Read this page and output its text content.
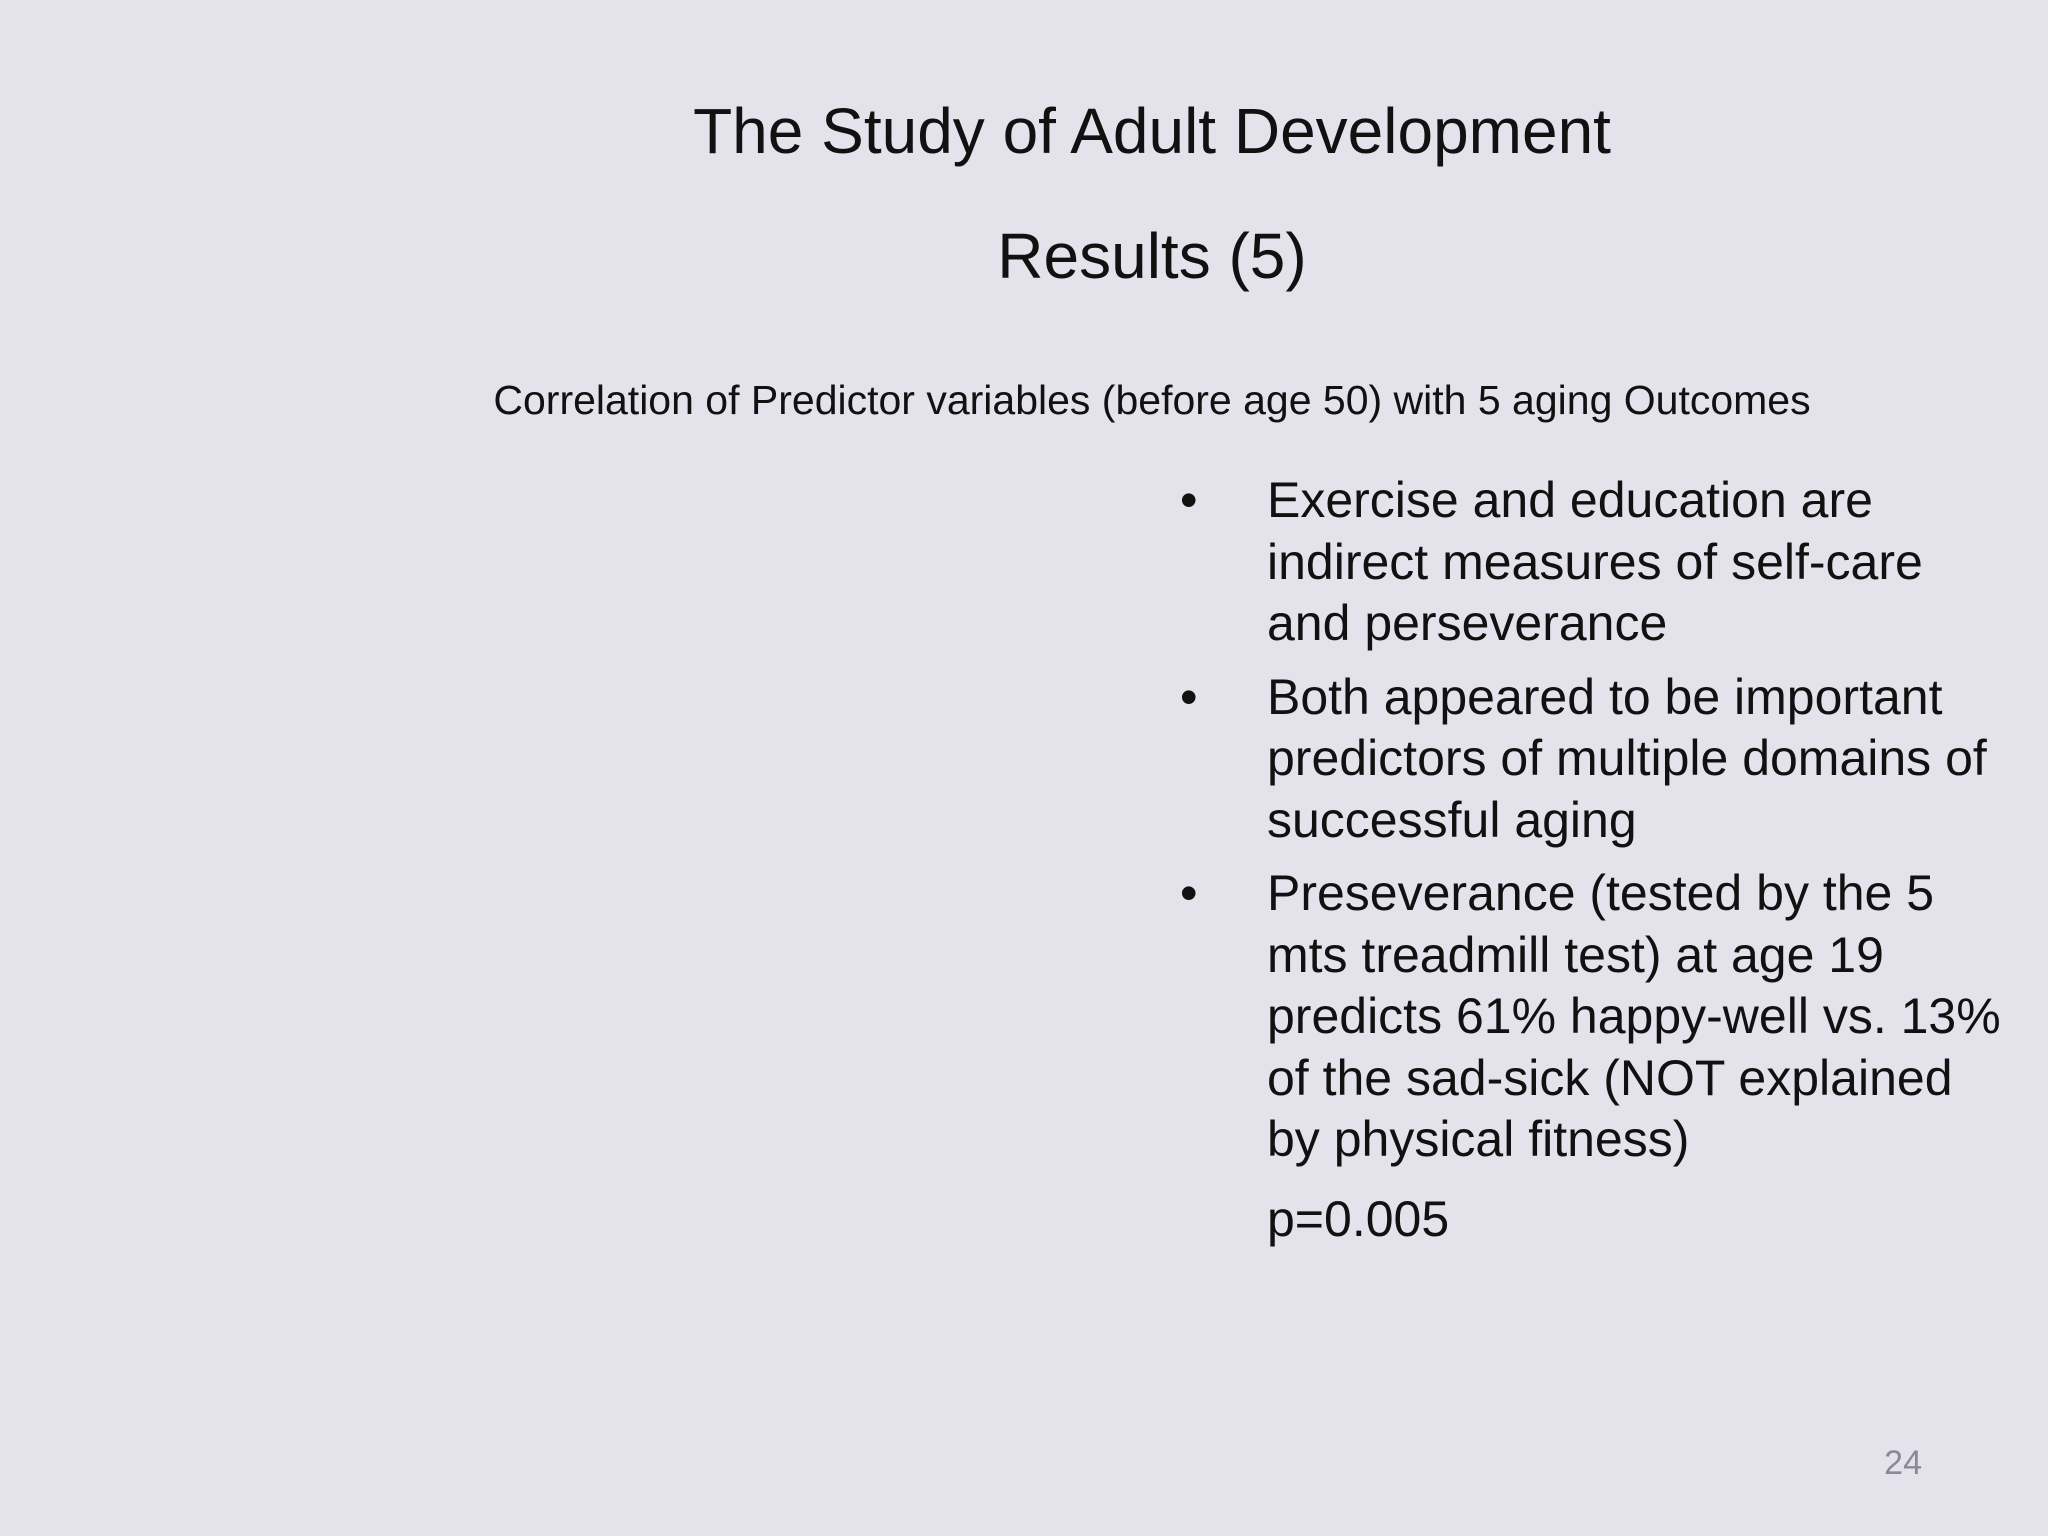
The Study of Adult Development
Results (5)

Correlation of Predictor variables (before age 50) with 5 aging Outcomes

•	Exercise and education are indirect measures of self-care and perseverance
•	Both appeared to be important predictors of multiple domains of successful aging
•	Preseverance (tested by the 5 mts treadmill test) at age 19 predicts 61% happy-well vs. 13% of the sad-sick (NOT explained by physical fitness)
p=0.005
24
